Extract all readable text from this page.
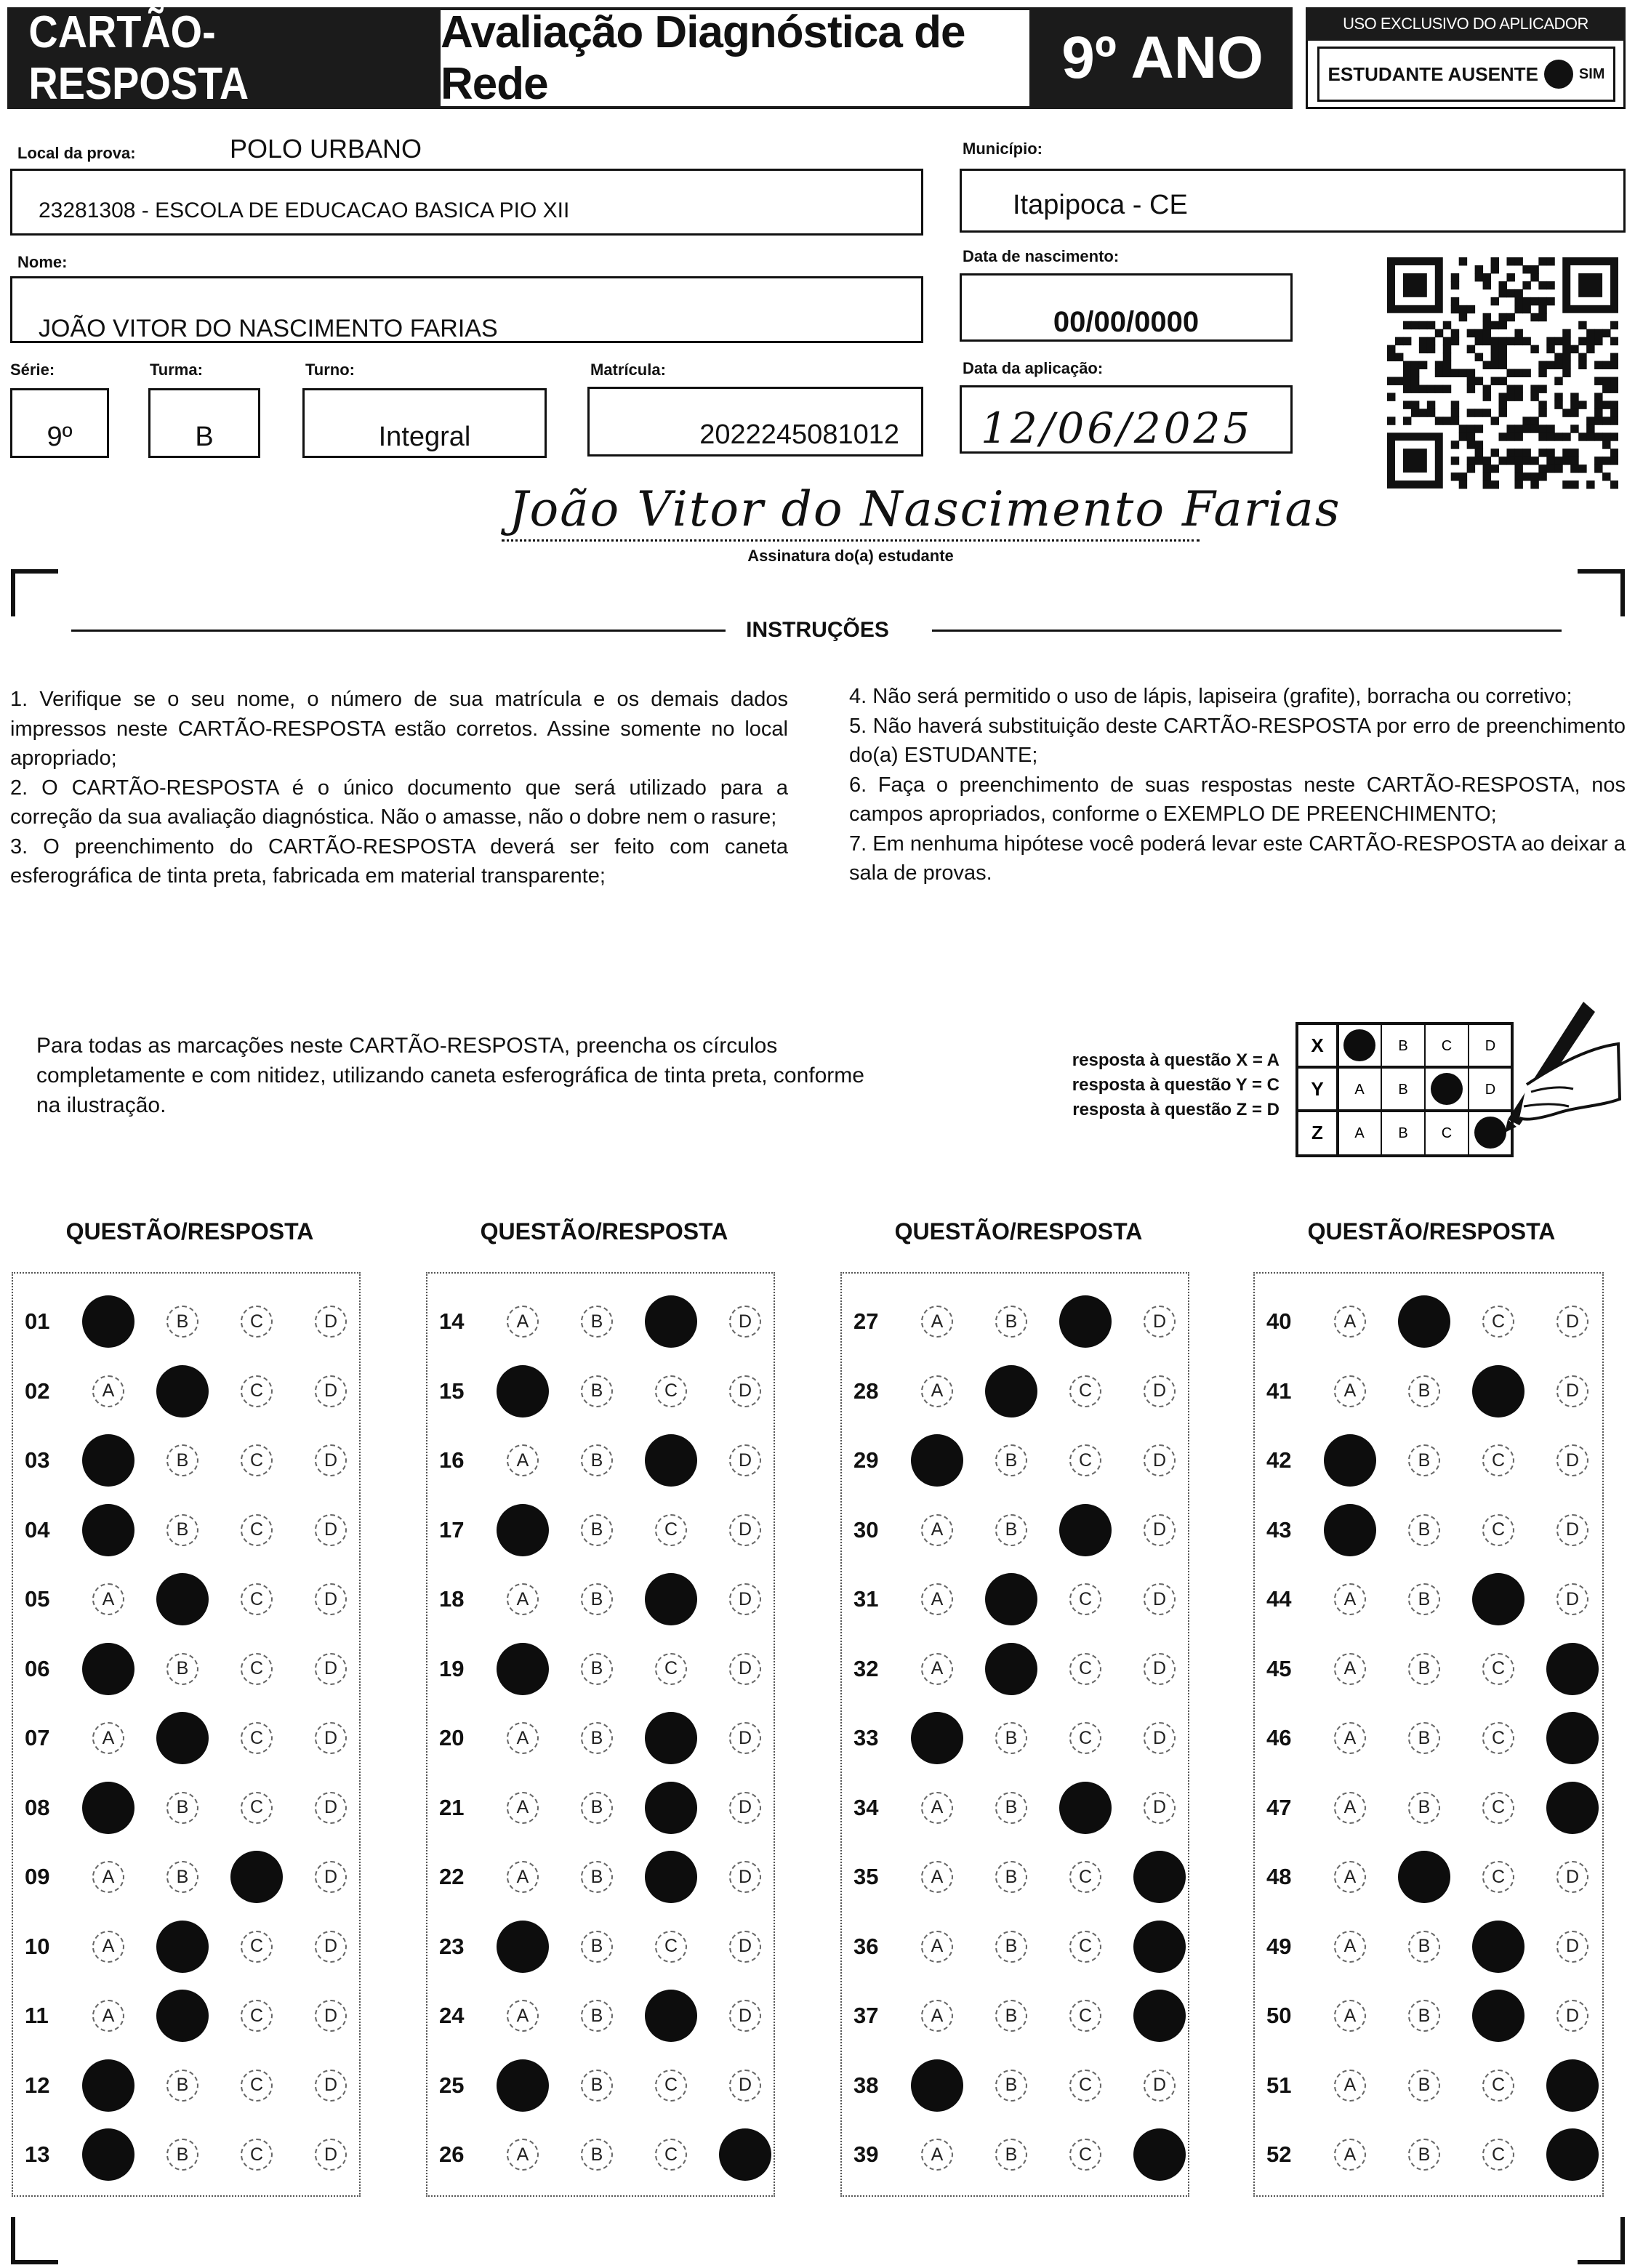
CARTÃO-RESPOSTA
Avaliação Diagnóstica de Rede	9º ANO
USO EXCLUSIVO DO APLICADOR
ESTUDANTE AUSENTE	SIM
Local da prova:	POLO URBANO
23281308 - ESCOLA DE EDUCACAO BASICA PIO XII
Município:
Itapipoca - CE
Nome:
JOÃO VITOR DO NASCIMENTO FARIAS
Data de nascimento:
00/00/0000
Série:
9º
Turma:
B
Turno:
Integral
Matrícula:
2022245081012
Data da aplicação:
12/06/2025
João Vitor do Nascimento Farias
Assinatura do(a) estudante
INSTRUÇÕES

1. Verifique se o seu nome, o número de sua matrícula e os demais dados impressos neste CARTÃO-RESPOSTA estão corretos. Assine somente no local apropriado;

2. O CARTÃO-RESPOSTA é o único documento que será utilizado para a correção da sua avaliação diagnóstica. Não o amasse, não o dobre nem o rasure;

3. O preenchimento do CARTÃO-RESPOSTA deverá ser feito com caneta esferográfica de tinta preta, fabricada em material transparente;

4. Não será permitido o uso de lápis, lapiseira (grafite), borracha ou corretivo;

5. Não haverá substituição deste CARTÃO-RESPOSTA por erro de preenchimento do(a) ESTUDANTE;

6. Faça o preenchimento de suas respostas neste CARTÃO-RESPOSTA, nos campos apropriados, conforme o EXEMPLO DE PREENCHIMENTO;

7. Em nenhuma hipótese você poderá levar este CARTÃO-RESPOSTA ao deixar a sala de provas.

Para todas as marcações neste CARTÃO-RESPOSTA, preencha os círculos completamente e com nitidez, utilizando caneta esferográfica de tinta preta, conforme na ilustração.
resposta à questão X = A
resposta à questão Y = C
resposta à questão Z = D
X	B C D
Y A B	D
Z A B C
QUESTÃO/RESPOSTA
01	B	C	D
02	A	C	D
03	B	C	D
04	B	C	D
05	A	C	D
06	B	C	D
07	A	C	D
08	B	C	D
09	A	B	D
10	A	C	D
11	A	C	D
12	B	C	D
13	B	C	D
QUESTÃO/RESPOSTA
14	A	B	D
15	B	C	D
16	A	B	D
17	B	C	D
18	A	B	D
19	B	C	D
20	A	B	D
21	A	B	D
22	A	B	D
23	B	C	D
24	A	B	D
25	B	C	D
26	A	B	C
QUESTÃO/RESPOSTA
27	A	B	D
28	A	C	D
29	B	C	D
30	A	B	D
31	A	C	D
32	A	C	D
33	B	C	D
34	A	B	D
35	A	B	C
36	A	B	C
37	A	B	C
38	B	C	D
39	A	B	C
QUESTÃO/RESPOSTA
40	A	C	D
41	A	B	D
42	B	C	D
43	B	C	D
44	A	B	D
45	A	B	C
46	A	B	C
47	A	B	C
48	A	C	D
49	A	B	D
50	A	B	D
51	A	B	C
52	A	B	C
